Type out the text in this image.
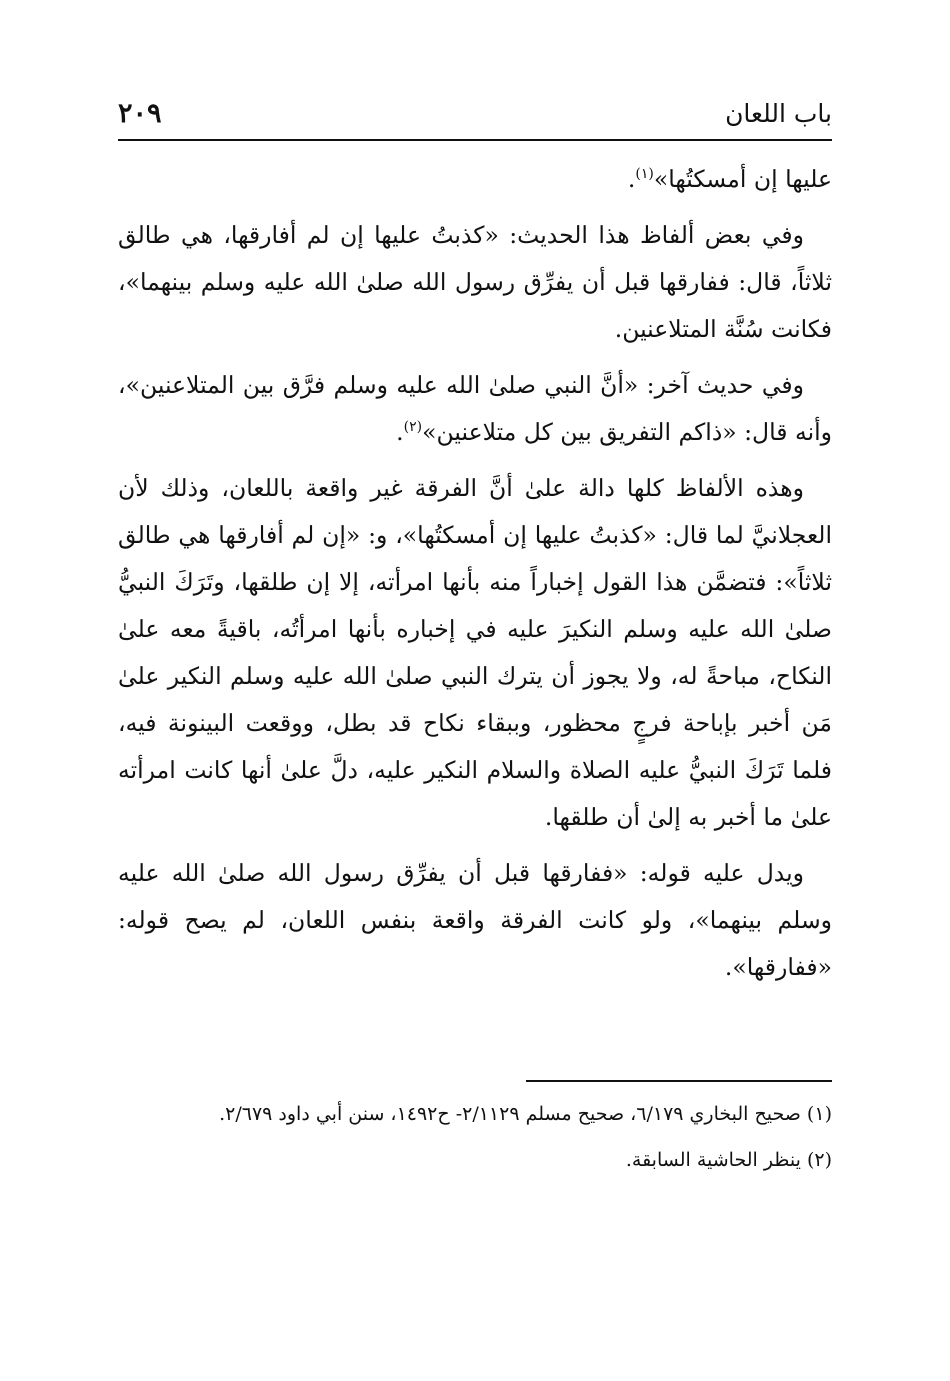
باب اللعان
٢٠٩

عليها إن أمسكتُها»$^{(١)}$.

وفي بعض ألفاظ هذا الحديث: «كذبتُ عليها إن لم أفارقها، هي طالق ثلاثاً، قال: ففارقها قبل أن يفرِّق رسول الله صلىٰ الله عليه وسلم بينهما»، فكانت سُنَّة المتلاعنين.

وفي حديث آخر: «أنَّ النبي صلىٰ الله عليه وسلم فرَّق بين المتلاعنين»، وأنه قال: «ذاكم التفريق بين كل متلاعنين»$^{(٢)}$.

وهذه الألفاظ كلها دالة علىٰ أنَّ الفرقة غير واقعة باللعان، وذلك لأن العجلانيَّ لما قال: «كذبتُ عليها إن أمسكتُها»، و: «إن لم أفارقها هي طالق ثلاثاً»: فتضمَّن هذا القول إخباراً منه بأنها امرأته، إلا إن طلقها، وتَرَكَ النبيُّ صلىٰ الله عليه وسلم النكيرَ عليه في إخباره بأنها امرأتُه، باقيةً معه علىٰ النكاح، مباحةً له، ولا يجوز أن يترك النبي صلىٰ الله عليه وسلم النكير علىٰ مَن أخبر بإباحة فرجٍ محظور، وببقاء نكاح قد بطل، ووقعت البينونة فيه، فلما تَرَكَ النبيُّ عليه الصلاة والسلام النكير عليه، دلَّ علىٰ أنها كانت امرأته علىٰ ما أخبر به إلىٰ أن طلقها.

ويدل عليه قوله: «ففارقها قبل أن يفرِّق رسول الله صلىٰ الله عليه وسلم بينهما»، ولو كانت الفرقة واقعة بنفس اللعان، لم يصح قوله: «ففارقها».

(١) صحيح البخاري ٦/١٧٩، صحيح مسلم ٢/١١٢٩- ح١٤٩٢، سنن أبي داود ٢/٦٧٩.

(٢) ينظر الحاشية السابقة.
